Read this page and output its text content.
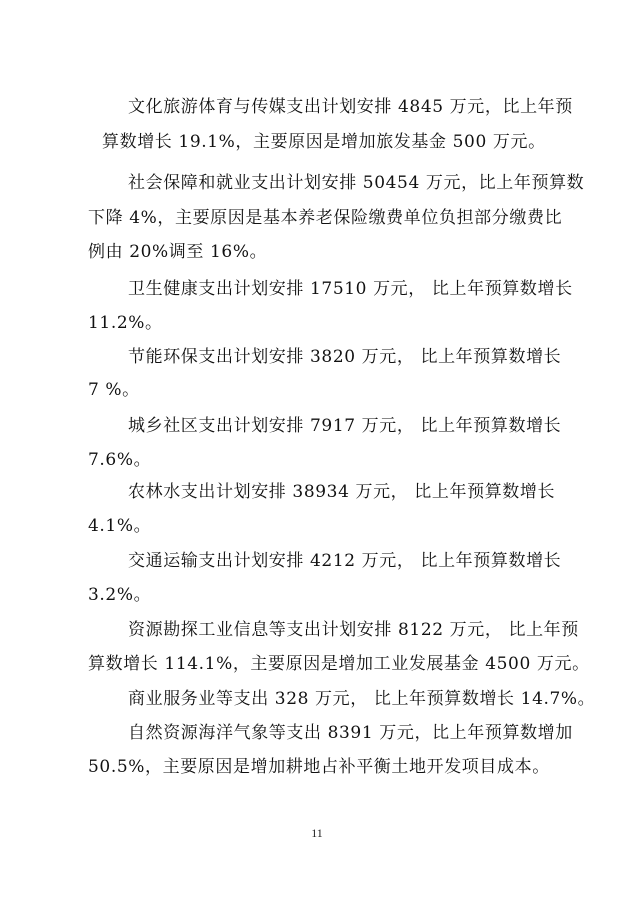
文化旅游体育与传媒支出计划安排 4845 万元，比上年预
算数增长 19.1%，主要原因是增加旅发基金 500 万元。
社会保障和就业支出计划安排 50454 万元，比上年预算数
下降 4%，主要原因是基本养老保险缴费单位负担部分缴费比
例由 20%调至 16%。
卫生健康支出计划安排 17510 万元， 比上年预算数增长
11.2%。
节能环保支出计划安排 3820 万元， 比上年预算数增长
7 %。
城乡社区支出计划安排 7917 万元， 比上年预算数增长
7.6%。
农林水支出计划安排 38934 万元， 比上年预算数增长
4.1%。
交通运输支出计划安排 4212 万元， 比上年预算数增长
3.2%。
资源勘探工业信息等支出计划安排 8122 万元， 比上年预
算数增长 114.1%，主要原因是增加工业发展基金 4500 万元。
商业服务业等支出 328 万元， 比上年预算数增长 14.7%。
自然资源海洋气象等支出 8391 万元，比上年预算数增加
50.5%，主要原因是增加耕地占补平衡土地开发项目成本。
11
